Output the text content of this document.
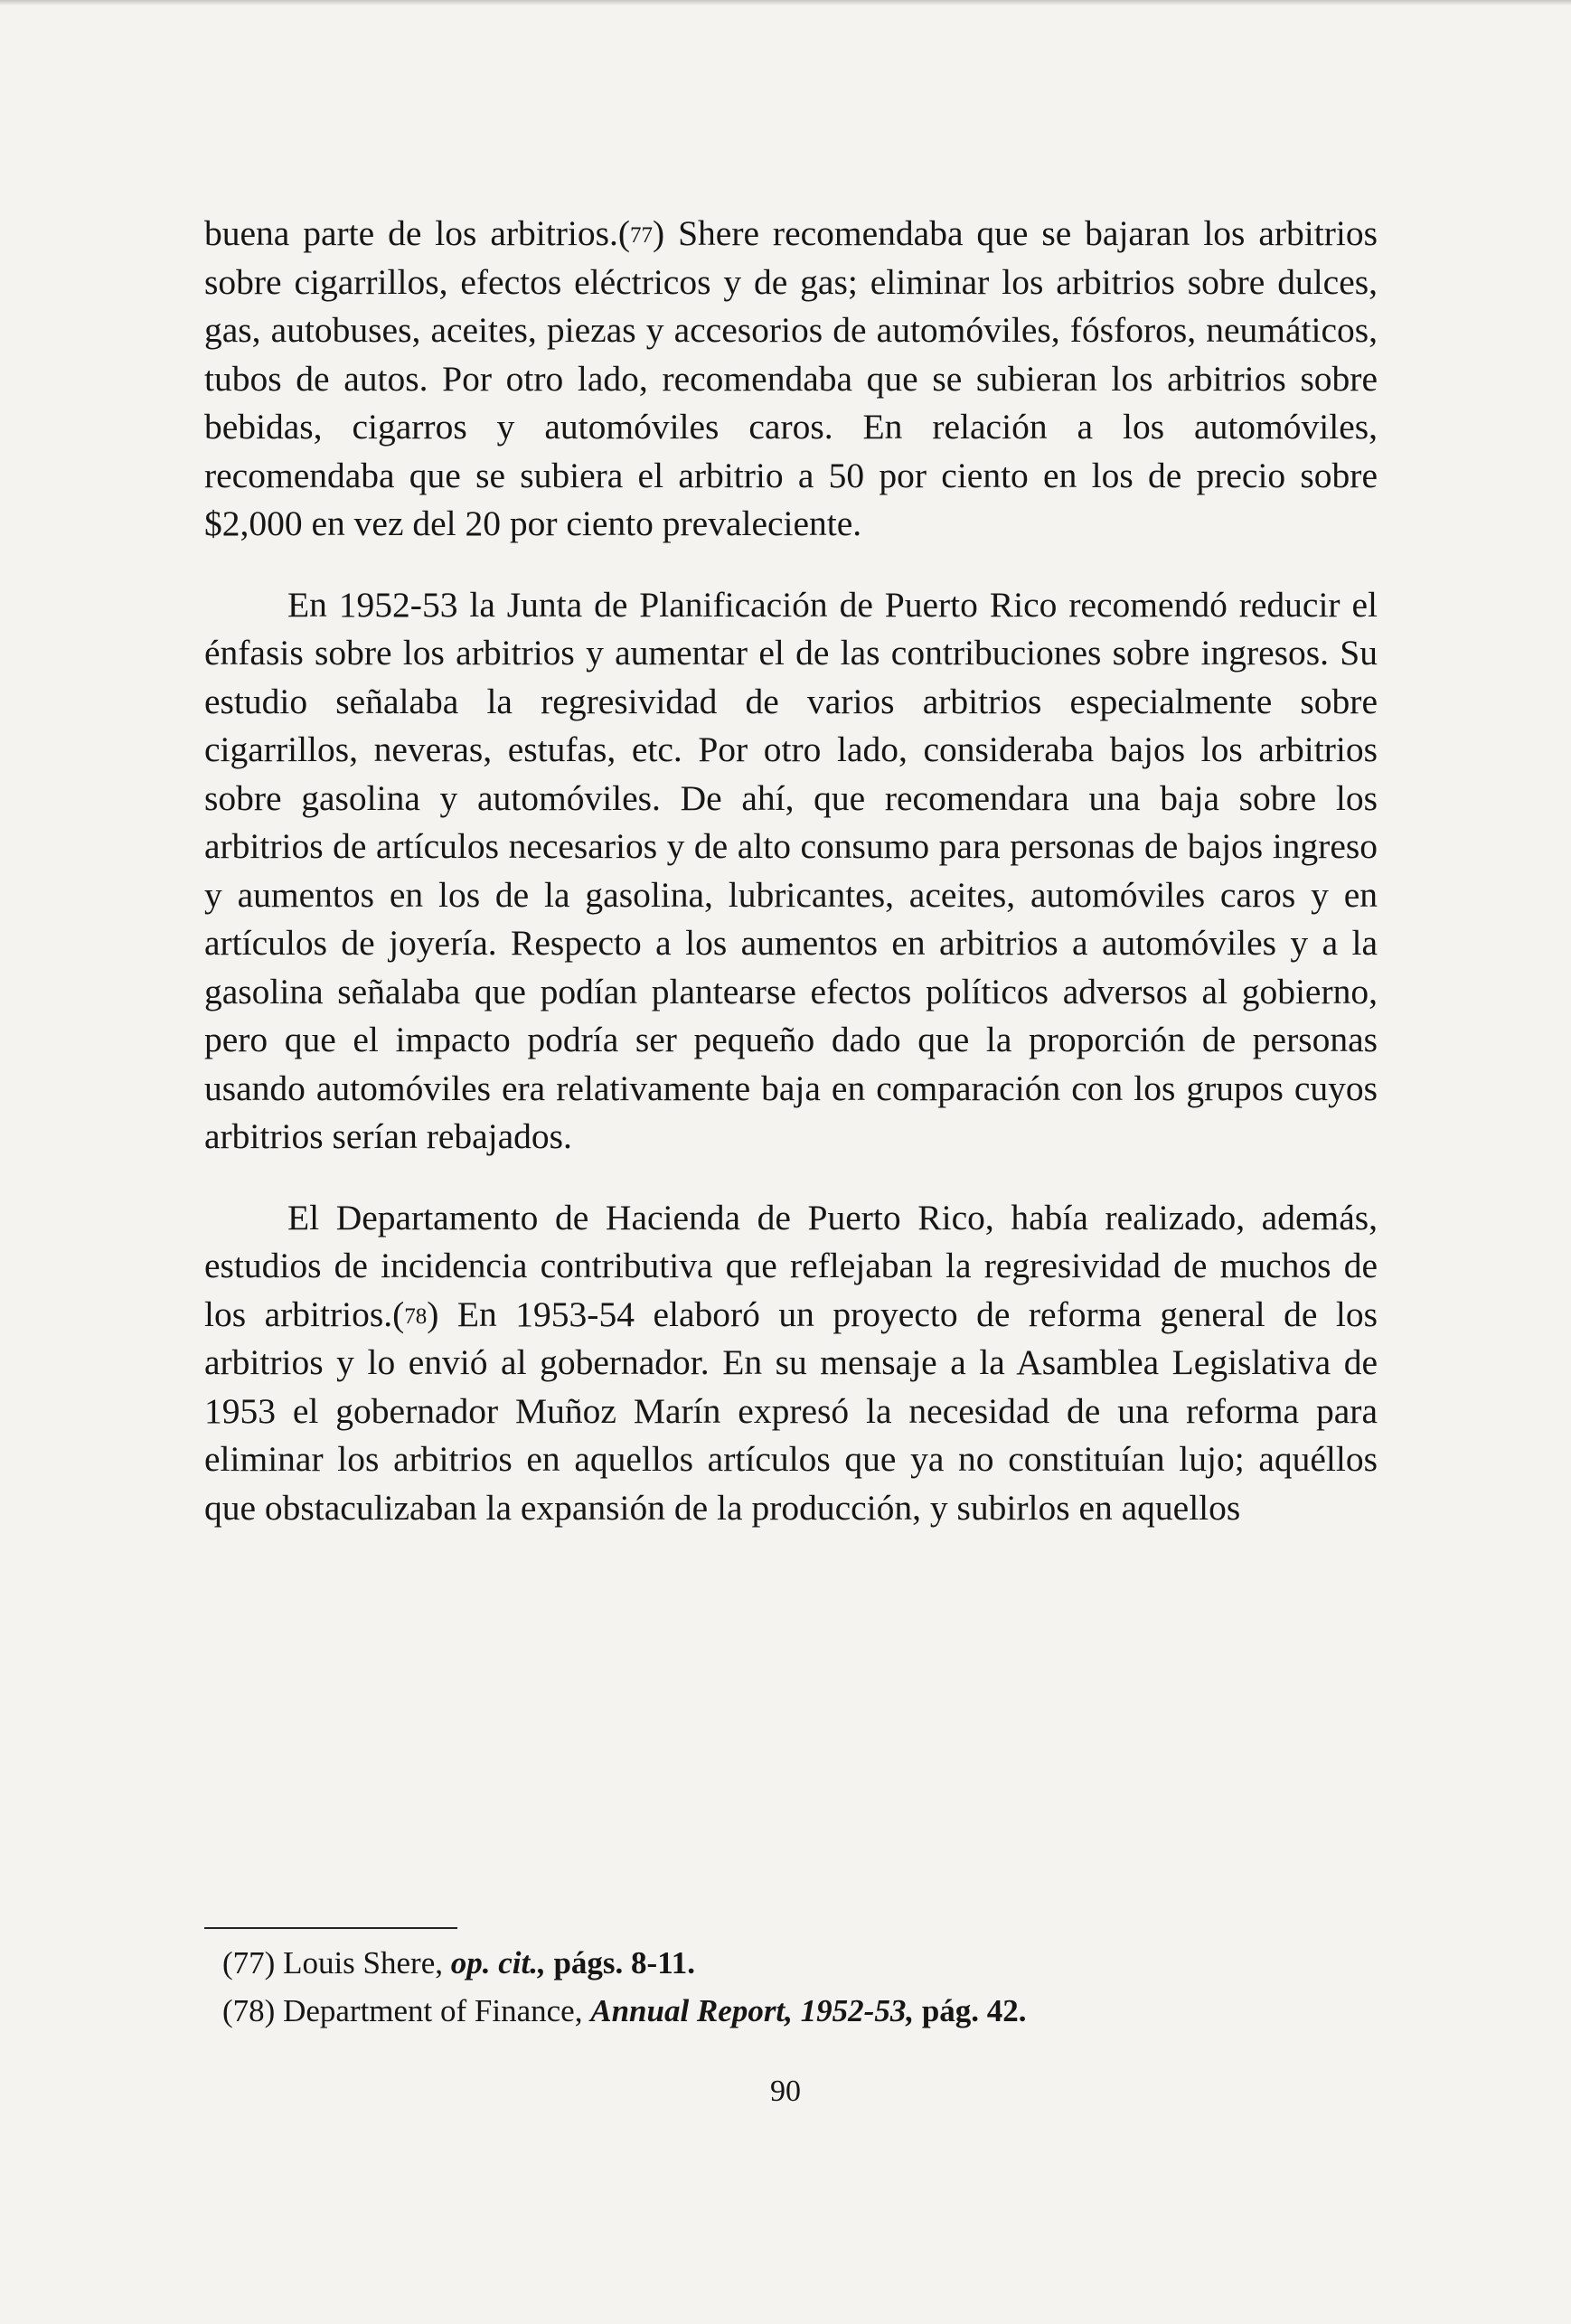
buena parte de los arbitrios.($^{77}$) Shere recomendaba que se bajaran los arbitrios sobre cigarrillos, efectos eléctricos y de gas; eliminar los arbitrios sobre dulces, gas, autobuses, aceites, piezas y accesorios de automóviles, fósforos, neumáticos, tubos de autos. Por otro lado, recomendaba que se subieran los arbitrios sobre bebidas, cigarros y automóviles caros. En relación a los automóviles, recomendaba que se subiera el arbitrio a 50 por ciento en los de precio sobre $2,000 en vez del 20 por ciento prevaleciente.

En 1952-53 la Junta de Planificación de Puerto Rico recomendó reducir el énfasis sobre los arbitrios y aumentar el de las contribuciones sobre ingresos. Su estudio señalaba la regresividad de varios arbitrios especialmente sobre cigarrillos, neveras, estufas, etc. Por otro lado, consideraba bajos los arbitrios sobre gasolina y automóviles. De ahí, que recomendara una baja sobre los arbitrios de artículos necesarios y de alto consumo para personas de bajos ingreso y aumentos en los de la gasolina, lubricantes, aceites, automóviles caros y en artículos de joyería. Respecto a los aumentos en arbitrios a automóviles y a la gasolina señalaba que podían plantearse efectos políticos adversos al gobierno, pero que el impacto podría ser pequeño dado que la proporción de personas usando automóviles era relativamente baja en comparación con los grupos cuyos arbitrios serían rebajados.

El Departamento de Hacienda de Puerto Rico, había realizado, además, estudios de incidencia contributiva que reflejaban la regresividad de muchos de los arbitrios.($^{78}$) En 1953-54 elaboró un proyecto de reforma general de los arbitrios y lo envió al gobernador. En su mensaje a la Asamblea Legislativa de 1953 el gobernador Muñoz Marín expresó la necesidad de una reforma para eliminar los arbitrios en aquellos artículos que ya no constituían lujo; aquéllos que obstaculizaban la expansión de la producción, y subirlos en aquellos

(77) Louis Shere, op. cit., págs. 8-11.

(78) Department of Finance, Annual Report, 1952-53, pág. 42.

90
